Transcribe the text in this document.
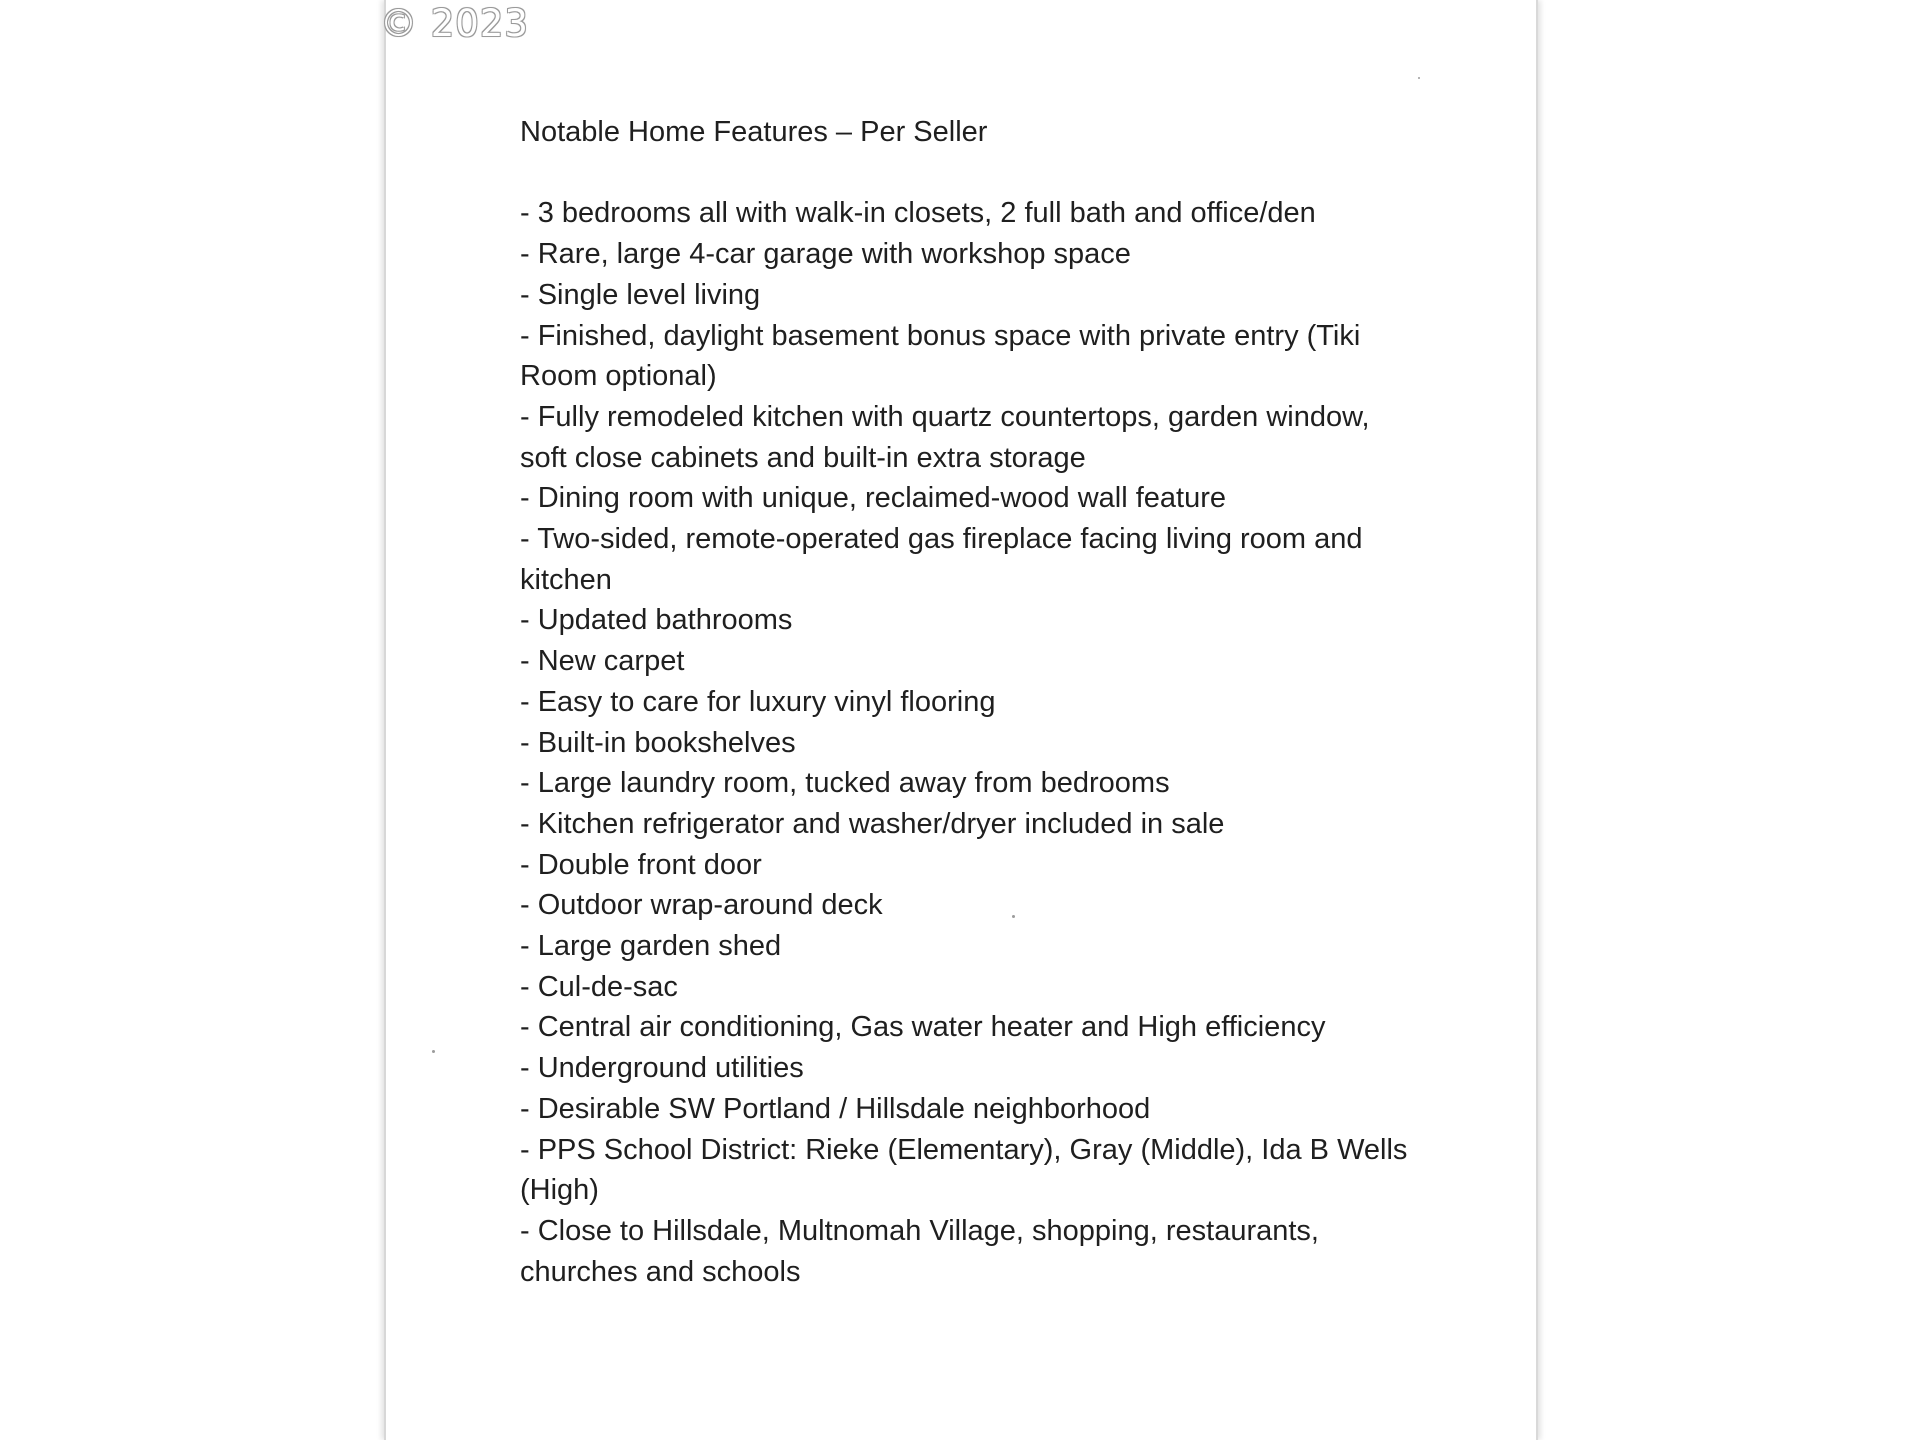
© 2023
Notable Home Features – Per Seller
- 3 bedrooms all with walk-in closets, 2 full bath and office/den
- Rare, large 4-car garage with workshop space
- Single level living
- Finished, daylight basement bonus space with private entry (Tiki Room optional)
- Fully remodeled kitchen with quartz countertops, garden window, soft close cabinets and built-in extra storage
- Dining room with unique, reclaimed-wood wall feature
- Two-sided, remote-operated gas fireplace facing living room and kitchen
- Updated bathrooms
- New carpet
- Easy to care for luxury vinyl flooring
- Built-in bookshelves
- Large laundry room, tucked away from bedrooms
- Kitchen refrigerator and washer/dryer included in sale
- Double front door
- Outdoor wrap-around deck
- Large garden shed
- Cul-de-sac
- Central air conditioning, Gas water heater and High efficiency
- Underground utilities
- Desirable SW Portland / Hillsdale neighborhood
- PPS School District: Rieke (Elementary), Gray (Middle), Ida B Wells (High)
- Close to Hillsdale, Multnomah Village, shopping, restaurants, churches and schools
